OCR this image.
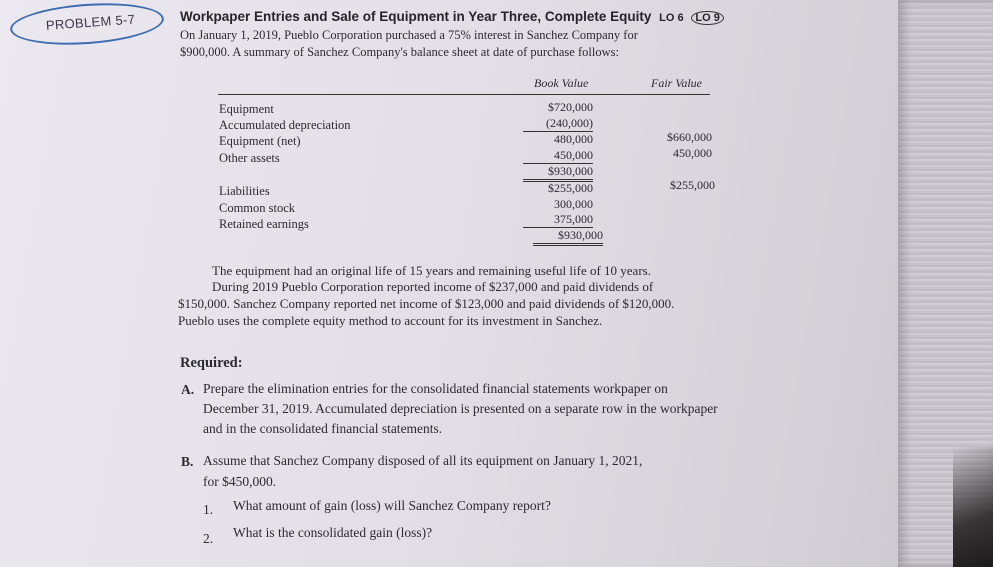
PROBLEM 5-7	Workpaper Entries and Sale of Equipment in Year Three, Complete Equity LO 6 LO 9
On January 1, 2019, Pueblo Corporation purchased a 75% interest in Sanchez Company for
$900,000. A summary of Sanchez Company's balance sheet at date of purchase follows:
Book Value	Fair Value
Equipment
Accumulated depreciation
Equipment (net)
Other assets
Liabilities
Common stock
Retained earnings
$720,000
(240,000)
480,000
450,000
$930,000
$255,000
300,000
375,000
$930,000
$660,000
450,000
$255,000
The equipment had an original life of 15 years and remaining useful life of 10 years.
During 2019 Pueblo Corporation reported income of $237,000 and paid dividends of
$150,000. Sanchez Company reported net income of $123,000 and paid dividends of $120,000.
Pueblo uses the complete equity method to account for its investment in Sanchez.
Required:
A. Prepare the elimination entries for the consolidated financial statements workpaper on
December 31, 2019. Accumulated depreciation is presented on a separate row in the workpaper
and in the consolidated financial statements.
B. Assume that Sanchez Company disposed of all its equipment on January 1, 2021,
for $450,000.
1. What amount of gain (loss) will Sanchez Company report?
2. What is the consolidated gain (loss)?
